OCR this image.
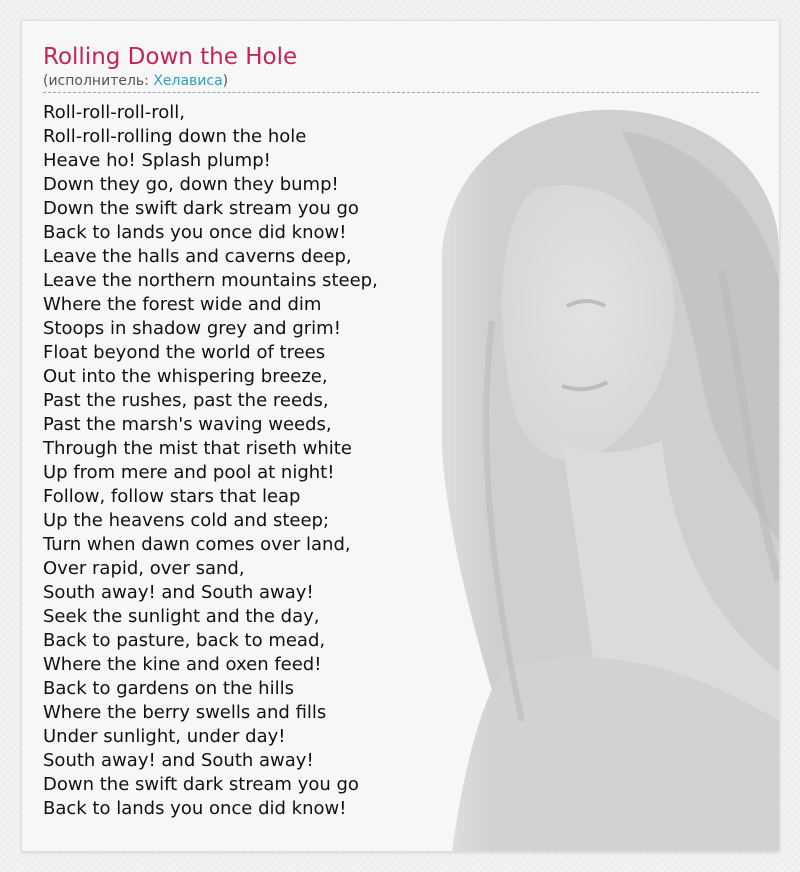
Rolling Down the Hole
(исполнитель: Хелависа)
Roll-roll-roll-roll,
Roll-roll-rolling down the hole
Heave ho! Splash plump!
Down they go, down they bump!
Down the swift dark stream you go
Back to lands you once did know!
Leave the halls and caverns deep,
Leave the northern mountains steep,
Where the forest wide and dim
Stoops in shadow grey and grim!
Float beyond the world of trees
Out into the whispering breeze,
Past the rushes, past the reeds,
Past the marsh's waving weeds,
Through the mist that riseth white
Up from mere and pool at night!
Follow, follow stars that leap
Up the heavens cold and steep;
Turn when dawn comes over land,
Over rapid, over sand,
South away! and South away!
Seek the sunlight and the day,
Back to pasture, back to mead,
Where the kine and oxen feed!
Back to gardens on the hills
Where the berry swells and fills
Under sunlight, under day!
South away! and South away!
Down the swift dark stream you go
Back to lands you once did know!
